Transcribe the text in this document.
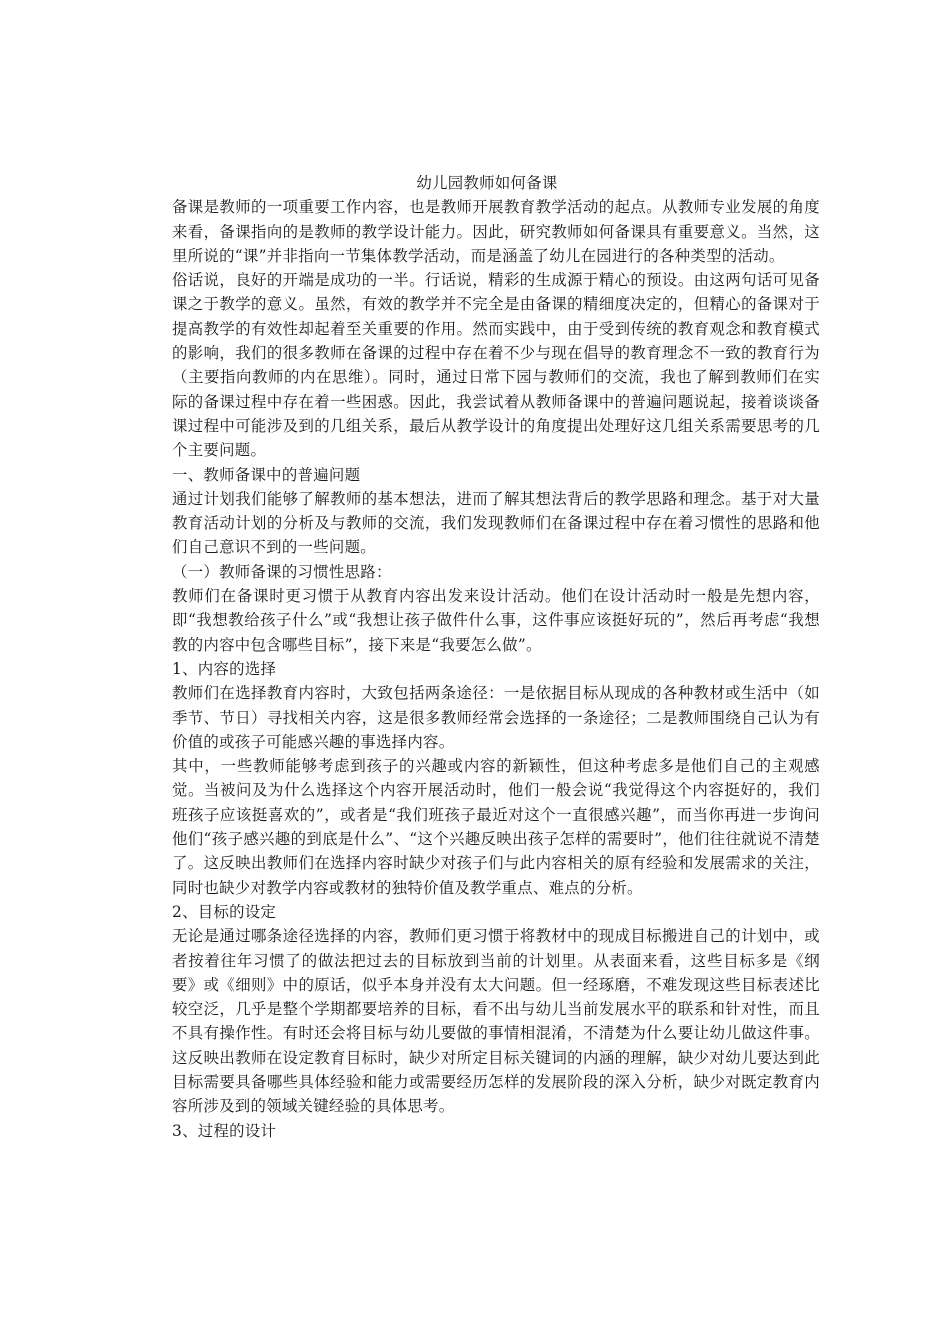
幼儿园教师如何备课

备课是教师的一项重要工作内容，也是教师开展教育教学活动的起点。从教师专业发展的角度来看，备课指向的是教师的教学设计能力。因此，研究教师如何备课具有重要意义。当然，这里所说的“课”并非指向一节集体教学活动，而是涵盖了幼儿在园进行的各种类型的活动。

俗话说，良好的开端是成功的一半。行话说，精彩的生成源于精心的预设。由这两句话可见备课之于教学的意义。虽然，有效的教学并不完全是由备课的精细度决定的，但精心的备课对于提高教学的有效性却起着至关重要的作用。然而实践中，由于受到传统的教育观念和教育模式的影响，我们的很多教师在备课的过程中存在着不少与现在倡导的教育理念不一致的教育行为（主要指向教师的内在思维）。同时，通过日常下园与教师们的交流，我也了解到教师们在实际的备课过程中存在着一些困惑。因此，我尝试着从教师备课中的普遍问题说起，接着谈谈备课过程中可能涉及到的几组关系，最后从教学设计的角度提出处理好这几组关系需要思考的几个主要问题。

一、教师备课中的普遍问题

通过计划我们能够了解教师的基本想法，进而了解其想法背后的教学思路和理念。基于对大量教育活动计划的分析及与教师的交流，我们发现教师们在备课过程中存在着习惯性的思路和他们自己意识不到的一些问题。

（一）教师备课的习惯性思路：

教师们在备课时更习惯于从教育内容出发来设计活动。他们在设计活动时一般是先想内容，即“我想教给孩子什么”或“我想让孩子做件什么事，这件事应该挺好玩的”，然后再考虑“我想教的内容中包含哪些目标”，接下来是“我要怎么做”。

1、内容的选择

教师们在选择教育内容时，大致包括两条途径：一是依据目标从现成的各种教材或生活中（如季节、节日）寻找相关内容，这是很多教师经常会选择的一条途径；二是教师围绕自己认为有价值的或孩子可能感兴趣的事选择内容。

其中，一些教师能够考虑到孩子的兴趣或内容的新颖性，但这种考虑多是他们自己的主观感觉。当被问及为什么选择这个内容开展活动时，他们一般会说“我觉得这个内容挺好的，我们班孩子应该挺喜欢的”，或者是“我们班孩子最近对这个一直很感兴趣”，而当你再进一步询问他们“孩子感兴趣的到底是什么”、“这个兴趣反映出孩子怎样的需要时”，他们往往就说不清楚了。这反映出教师们在选择内容时缺少对孩子们与此内容相关的原有经验和发展需求的关注，同时也缺少对教学内容或教材的独特价值及教学重点、难点的分析。

2、目标的设定

无论是通过哪条途径选择的内容，教师们更习惯于将教材中的现成目标搬进自己的计划中，或者按着往年习惯了的做法把过去的目标放到当前的计划里。从表面来看，这些目标多是《纲要》或《细则》中的原话，似乎本身并没有太大问题。但一经琢磨，不难发现这些目标表述比较空泛，几乎是整个学期都要培养的目标，看不出与幼儿当前发展水平的联系和针对性，而且不具有操作性。有时还会将目标与幼儿要做的事情相混淆，不清楚为什么要让幼儿做这件事。这反映出教师在设定教育目标时，缺少对所定目标关键词的内涵的理解，缺少对幼儿要达到此目标需要具备哪些具体经验和能力或需要经历怎样的发展阶段的深入分析，缺少对既定教育内容所涉及到的领域关键经验的具体思考。

3、过程的设计
